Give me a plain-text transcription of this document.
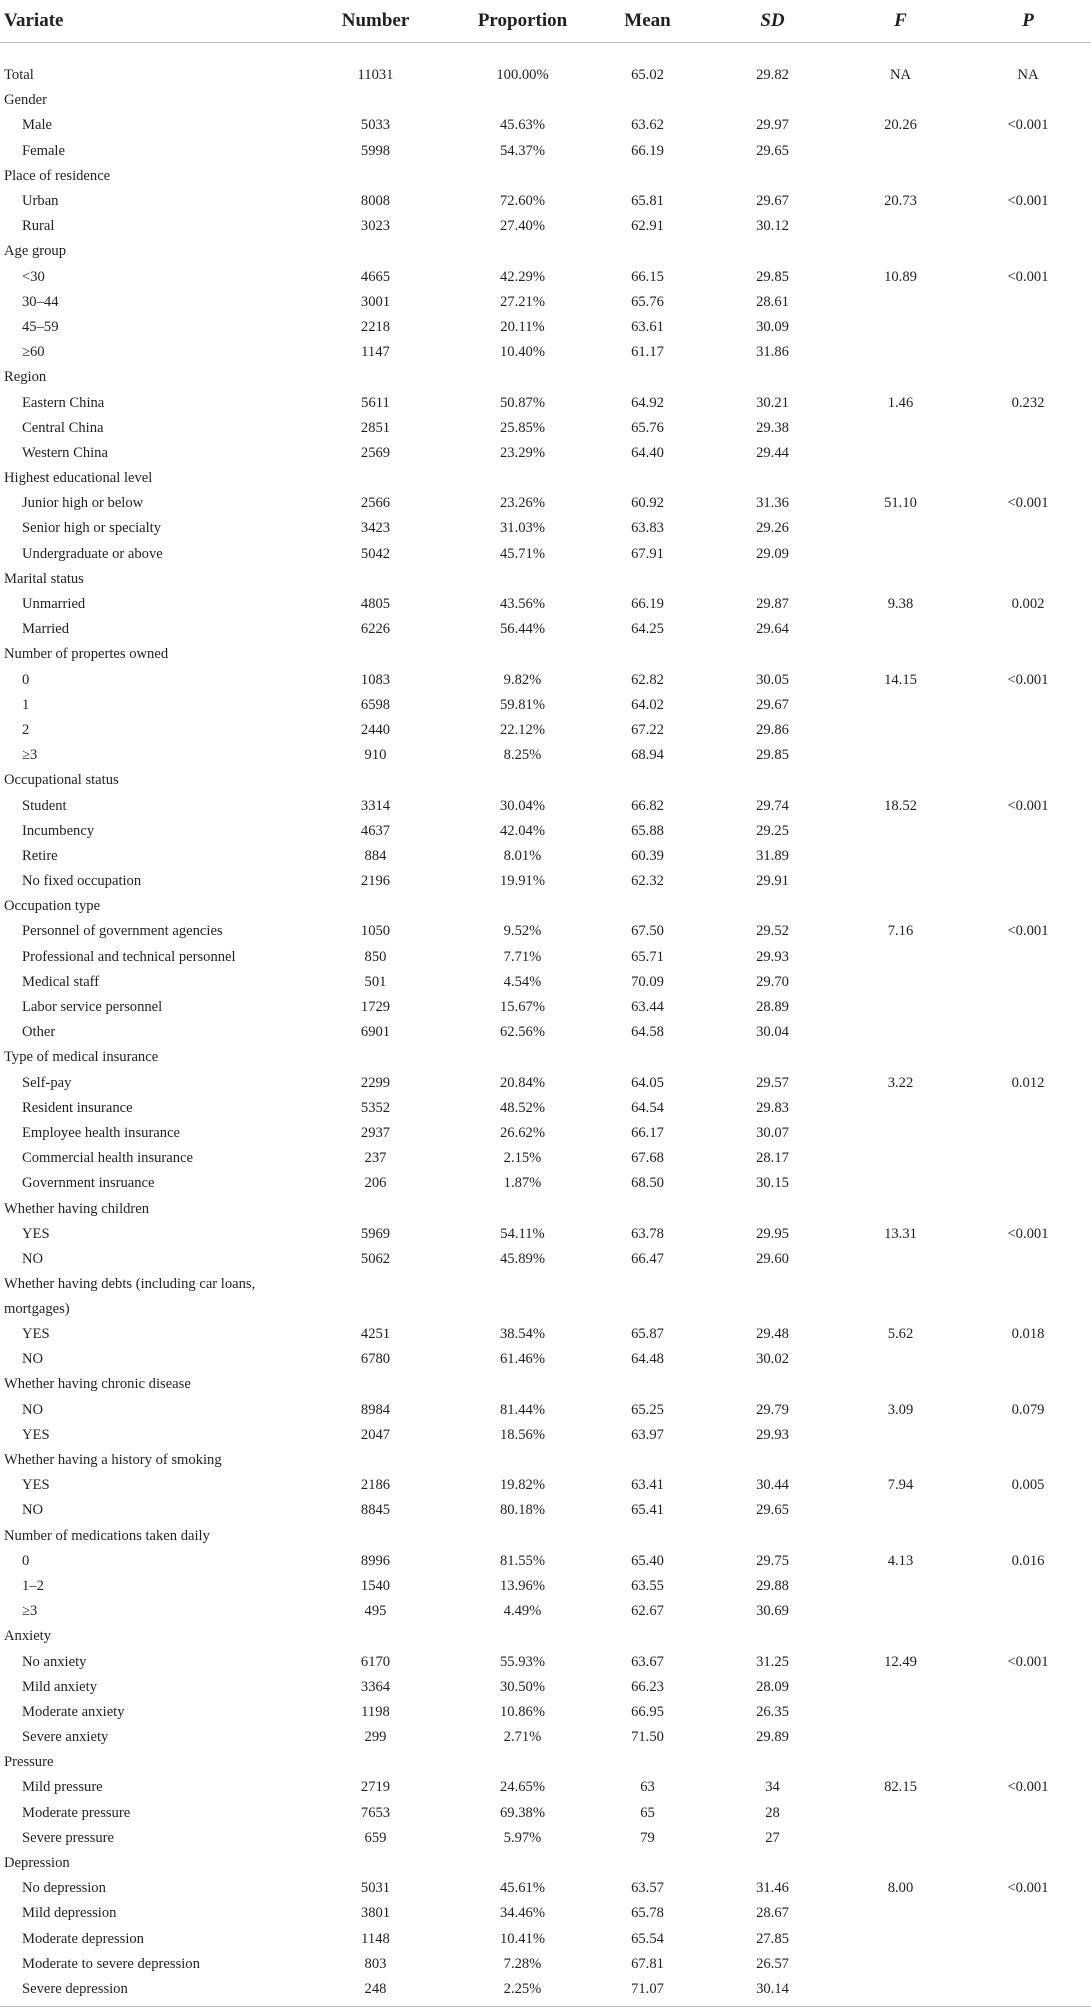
Variate	Number	Proportion	Mean	SD	F	P
Total	11031	100.00%	65.02	29.82	NA	NA
Gender						
Male	5033	45.63%	63.62	29.97	20.26	<0.001
Female	5998	54.37%	66.19	29.65		
Place of residence						
Urban	8008	72.60%	65.81	29.67	20.73	<0.001
Rural	3023	27.40%	62.91	30.12		
Age group						
<30	4665	42.29%	66.15	29.85	10.89	<0.001
30–44	3001	27.21%	65.76	28.61		
45–59	2218	20.11%	63.61	30.09		
≥60	1147	10.40%	61.17	31.86		
Region						
Eastern China	5611	50.87%	64.92	30.21	1.46	0.232
Central China	2851	25.85%	65.76	29.38		
Western China	2569	23.29%	64.40	29.44		
Highest educational level						
Junior high or below	2566	23.26%	60.92	31.36	51.10	<0.001
Senior high or specialty	3423	31.03%	63.83	29.26		
Undergraduate or above	5042	45.71%	67.91	29.09		
Marital status						
Unmarried	4805	43.56%	66.19	29.87	9.38	0.002
Married	6226	56.44%	64.25	29.64		
Number of propertes owned						
0	1083	9.82%	62.82	30.05	14.15	<0.001
1	6598	59.81%	64.02	29.67		
2	2440	22.12%	67.22	29.86		
≥3	910	8.25%	68.94	29.85		
Occupational status						
Student	3314	30.04%	66.82	29.74	18.52	<0.001
Incumbency	4637	42.04%	65.88	29.25		
Retire	884	8.01%	60.39	31.89		
No fixed occupation	2196	19.91%	62.32	29.91		
Occupation type						
Personnel of government agencies	1050	9.52%	67.50	29.52	7.16	<0.001
Professional and technical personnel	850	7.71%	65.71	29.93		
Medical staff	501	4.54%	70.09	29.70		
Labor service personnel	1729	15.67%	63.44	28.89		
Other	6901	62.56%	64.58	30.04		
Type of medical insurance						
Self-pay	2299	20.84%	64.05	29.57	3.22	0.012
Resident insurance	5352	48.52%	64.54	29.83		
Employee health insurance	2937	26.62%	66.17	30.07		
Commercial health insurance	237	2.15%	67.68	28.17		
Government insruance	206	1.87%	68.50	30.15		
Whether having children						
YES	5969	54.11%	63.78	29.95	13.31	<0.001
NO	5062	45.89%	66.47	29.60		
Whether having debts (including car loans, mortgages)						
YES	4251	38.54%	65.87	29.48	5.62	0.018
NO	6780	61.46%	64.48	30.02		
Whether having chronic disease						
NO	8984	81.44%	65.25	29.79	3.09	0.079
YES	2047	18.56%	63.97	29.93		
Whether having a history of smoking						
YES	2186	19.82%	63.41	30.44	7.94	0.005
NO	8845	80.18%	65.41	29.65		
Number of medications taken daily						
0	8996	81.55%	65.40	29.75	4.13	0.016
1–2	1540	13.96%	63.55	29.88		
≥3	495	4.49%	62.67	30.69		
Anxiety						
No anxiety	6170	55.93%	63.67	31.25	12.49	<0.001
Mild anxiety	3364	30.50%	66.23	28.09		
Moderate anxiety	1198	10.86%	66.95	26.35		
Severe anxiety	299	2.71%	71.50	29.89		
Pressure						
Mild pressure	2719	24.65%	63	34	82.15	<0.001
Moderate pressure	7653	69.38%	65	28		
Severe pressure	659	5.97%	79	27		
Depression						
No depression	5031	45.61%	63.57	31.46	8.00	<0.001
Mild depression	3801	34.46%	65.78	28.67		
Moderate depression	1148	10.41%	65.54	27.85		
Moderate to severe depression	803	7.28%	67.81	26.57		
Severe depression	248	2.25%	71.07	30.14		
